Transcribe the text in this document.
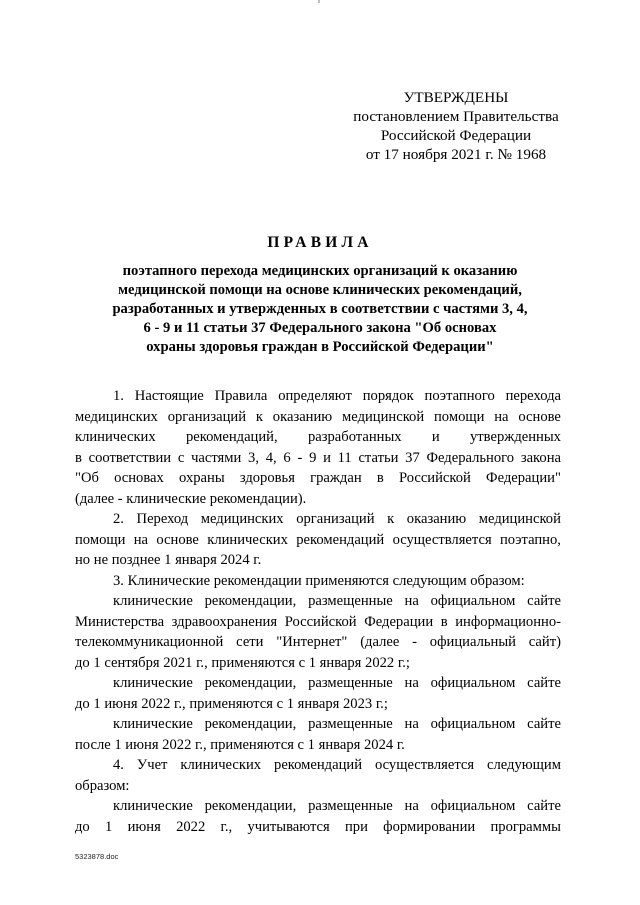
УТВЕРЖДЕНЫ
постановлением Правительства
Российской Федерации
от 17 ноября 2021 г. № 1968
ПРАВИЛА
поэтапного перехода медицинских организаций к оказанию
медицинской помощи на основе клинических рекомендаций,
разработанных и утвержденных в соответствии с частями 3, 4,
6 - 9 и 11 статьи 37 Федерального закона "Об основах
охраны здоровья граждан в Российской Федерации"
1. Настоящие Правила определяют порядок поэтапного перехода
медицинских организаций к оказанию медицинской помощи на основе
клинических рекомендаций, разработанных и утвержденных
в соответствии с частями 3, 4, 6 - 9 и 11 статьи 37 Федерального закона
"Об основах охраны здоровья граждан в Российской Федерации"
(далее - клинические рекомендации).
2. Переход медицинских организаций к оказанию медицинской
помощи на основе клинических рекомендаций осуществляется поэтапно,
но не позднее 1 января 2024 г.
3. Клинические рекомендации применяются следующим образом:
клинические рекомендации, размещенные на официальном сайте
Министерства здравоохранения Российской Федерации в информационно-
телекоммуникационной сети "Интернет" (далее - официальный сайт)
до 1 сентября 2021 г., применяются с 1 января 2022 г.;
клинические рекомендации, размещенные на официальном сайте
до 1 июня 2022 г., применяются с 1 января 2023 г.;
клинические рекомендации, размещенные на официальном сайте
после 1 июня 2022 г., применяются с 1 января 2024 г.
4. Учет клинических рекомендаций осуществляется следующим
образом:
клинические рекомендации, размещенные на официальном сайте
до 1 июня 2022 г., учитываются при формировании программы
5323878.doc
